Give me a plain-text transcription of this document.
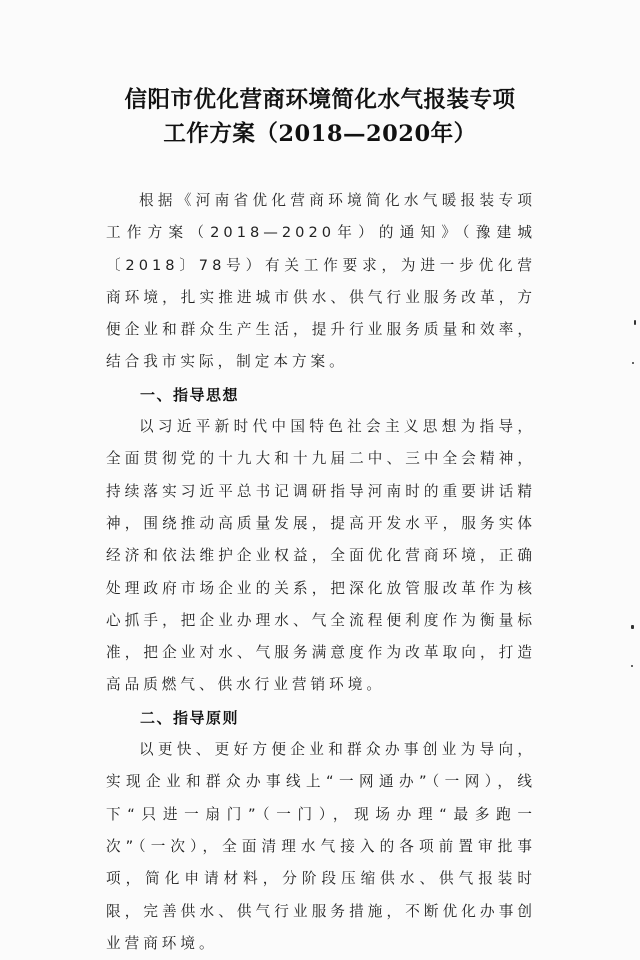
信阳市优化营商环境简化水气报装专项
工作方案（2018—2020年）

根据《河南省优化营商环境简化水气暖报装专项工作方案（2018—2020年）的通知》（豫建城〔2018〕78号）有关工作要求，为进一步优化营商环境，扎实推进城市供水、供气行业服务改革，方便企业和群众生产生活，提升行业服务质量和效率，结合我市实际，制定本方案。

一、指导思想

以习近平新时代中国特色社会主义思想为指导，全面贯彻党的十九大和十九届二中、三中全会精神，持续落实习近平总书记调研指导河南时的重要讲话精神，围绕推动高质量发展，提高开发水平，服务实体经济和依法维护企业权益，全面优化营商环境，正确处理政府市场企业的关系，把深化放管服改革作为核心抓手，把企业办理水、气全流程便利度作为衡量标准，把企业对水、气服务满意度作为改革取向，打造高品质燃气、供水行业营销环境。

二、指导原则

以更快、更好方便企业和群众办事创业为导向，实现企业和群众办事线上“一网通办”（一网），线下“只进一扇门”（一门），现场办理“最多跑一次”（一次），全面清理水气接入的各项前置审批事项，简化申请材料，分阶段压缩供水、供气报装时限，完善供水、供气行业服务措施，不断优化办事创业营商环境。
